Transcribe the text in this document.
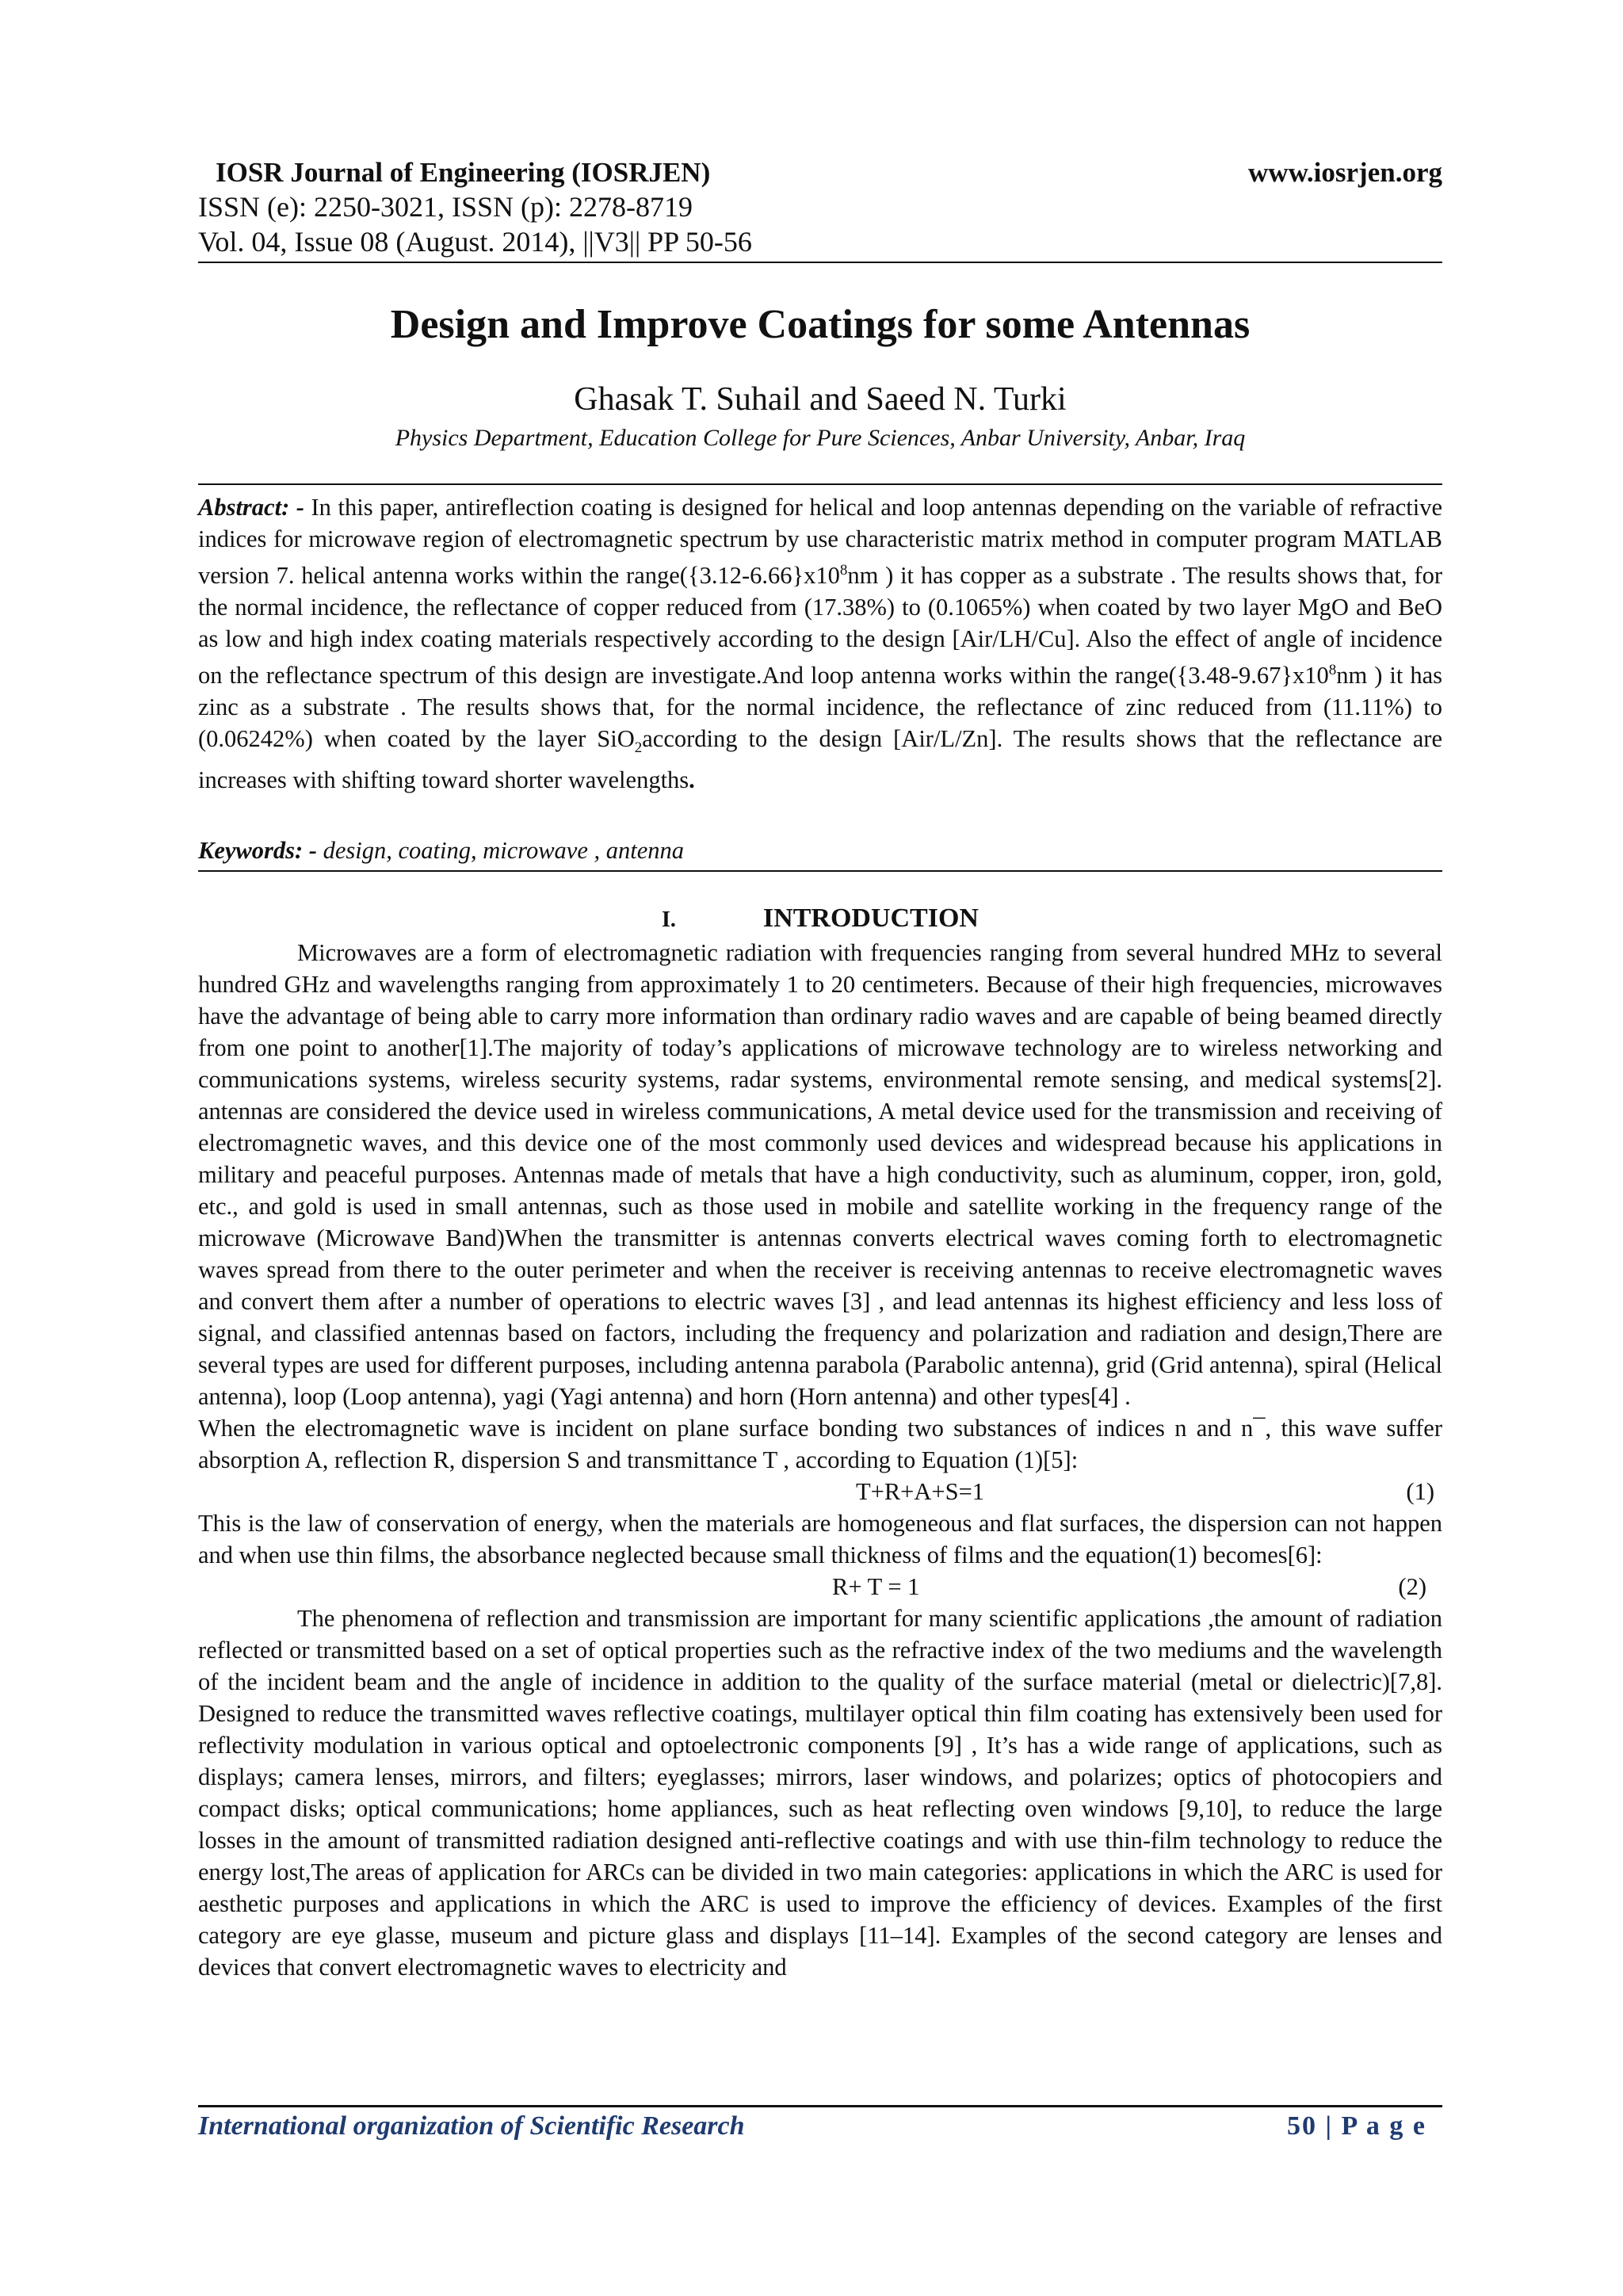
IOSR Journal of Engineering (IOSRJEN)	www.iosrjen.org
ISSN (e): 2250-3021, ISSN (p): 2278-8719
Vol. 04, Issue 08 (August. 2014), ||V3|| PP 50-56
Design and Improve Coatings for some Antennas
Ghasak T. Suhail and Saeed N. Turki
Physics Department, Education College for Pure Sciences, Anbar University, Anbar, Iraq
Abstract: - In this paper, antireflection coating is designed for helical and loop antennas depending on the variable of refractive indices for microwave region of electromagnetic spectrum by use characteristic matrix method in computer program MATLAB version 7. helical antenna works within the $range(\{3.12-6.66\}x10^8nm$ ) it has copper as a substrate . The results shows that, for the normal incidence, the reflectance of copper reduced from (17.38%) to (0.1065%) when coated by two layer MgO and BeO as low and high index coating materials respectively according to the design [Air/LH/Cu]. Also the effect of angle of incidence on the reflectance spectrum of this design are investigate.And loop antenna works within the $range(\{3.48-9.67\}x10^8nm$ ) it has zinc as a substrate . The results shows that, for the normal incidence, the reflectance of zinc reduced from (11.11%) to (0.06242%) when coated by the layer SiO$_2$according to the design [Air/L/Zn]. The results shows that the reflectance are increases with shifting toward shorter wavelengths.
Keywords: - design, coating, microwave , antenna
I.	INTRODUCTION

Microwaves are a form of electromagnetic radiation with frequencies ranging from several hundred MHz to several hundred GHz and wavelengths ranging from approximately 1 to 20 centimeters. Because of their high frequencies, microwaves have the advantage of being able to carry more information than ordinary radio waves and are capable of being beamed directly from one point to another[1].The majority of today’s applications of microwave technology are to wireless networking and communications systems, wireless security systems, radar systems, environmental remote sensing, and medical systems[2]. antennas are considered the device used in wireless communications, A metal device used for the transmission and receiving of electromagnetic waves, and this device one of the most commonly used devices and widespread because his applications in military and peaceful purposes. Antennas made of metals that have a high conductivity, such as aluminum, copper, iron, gold, etc., and gold is used in small antennas, such as those used in mobile and satellite working in the frequency range of the microwave (Microwave Band)When the transmitter is antennas converts electrical waves coming forth to electromagnetic waves spread from there to the outer perimeter and when the receiver is receiving antennas to receive electromagnetic waves and convert them after a number of operations to electric waves [3] , and lead antennas its highest efficiency and less loss of signal, and classified antennas based on factors, including the frequency and polarization and radiation and design,There are several types are used for different purposes, including antenna parabola (Parabolic antenna), grid (Grid antenna), spiral (Helical antenna), loop (Loop antenna), yagi (Yagi antenna) and horn (Horn antenna) and other types[4] .

When the electromagnetic wave is incident on plane surface bonding two substances of indices n and n¯, this wave suffer absorption A, reflection R, dispersion S and transmittance T , according to Equation (1)[5]:

T+R+A+S=1	(1)

This is the law of conservation of energy, when the materials are homogeneous and flat surfaces, the dispersion can not happen and when use thin films, the absorbance neglected because small thickness of films and the equation(1) becomes[6]:

R+ T = 1	(2)

The phenomena of reflection and transmission are important for many scientific applications ,the amount of radiation reflected or transmitted based on a set of optical properties such as the refractive index of the two mediums and the wavelength of the incident beam and the angle of incidence in addition to the quality of the surface material (metal or dielectric)[7,8]. Designed to reduce the transmitted waves reflective coatings, multilayer optical thin film coating has extensively been used for reflectivity modulation in various optical and optoelectronic components [9] , It’s has a wide range of applications, such as displays; camera lenses, mirrors, and filters; eyeglasses; mirrors, laser windows, and polarizes; optics of photocopiers and compact disks; optical communications; home appliances, such as heat reflecting oven windows [9,10], to reduce the large losses in the amount of transmitted radiation designed anti-reflective coatings and with use thin-film technology to reduce the energy lost,The areas of application for ARCs can be divided in two main categories: applications in which the ARC is used for aesthetic purposes and applications in which the ARC is used to improve the efficiency of devices. Examples of the first category are eye glasse, museum and picture glass and displays [11–14]. Examples of the second category are lenses and devices that convert electromagnetic waves to electricity and

International organization of Scientific Research	50 | P a g e
